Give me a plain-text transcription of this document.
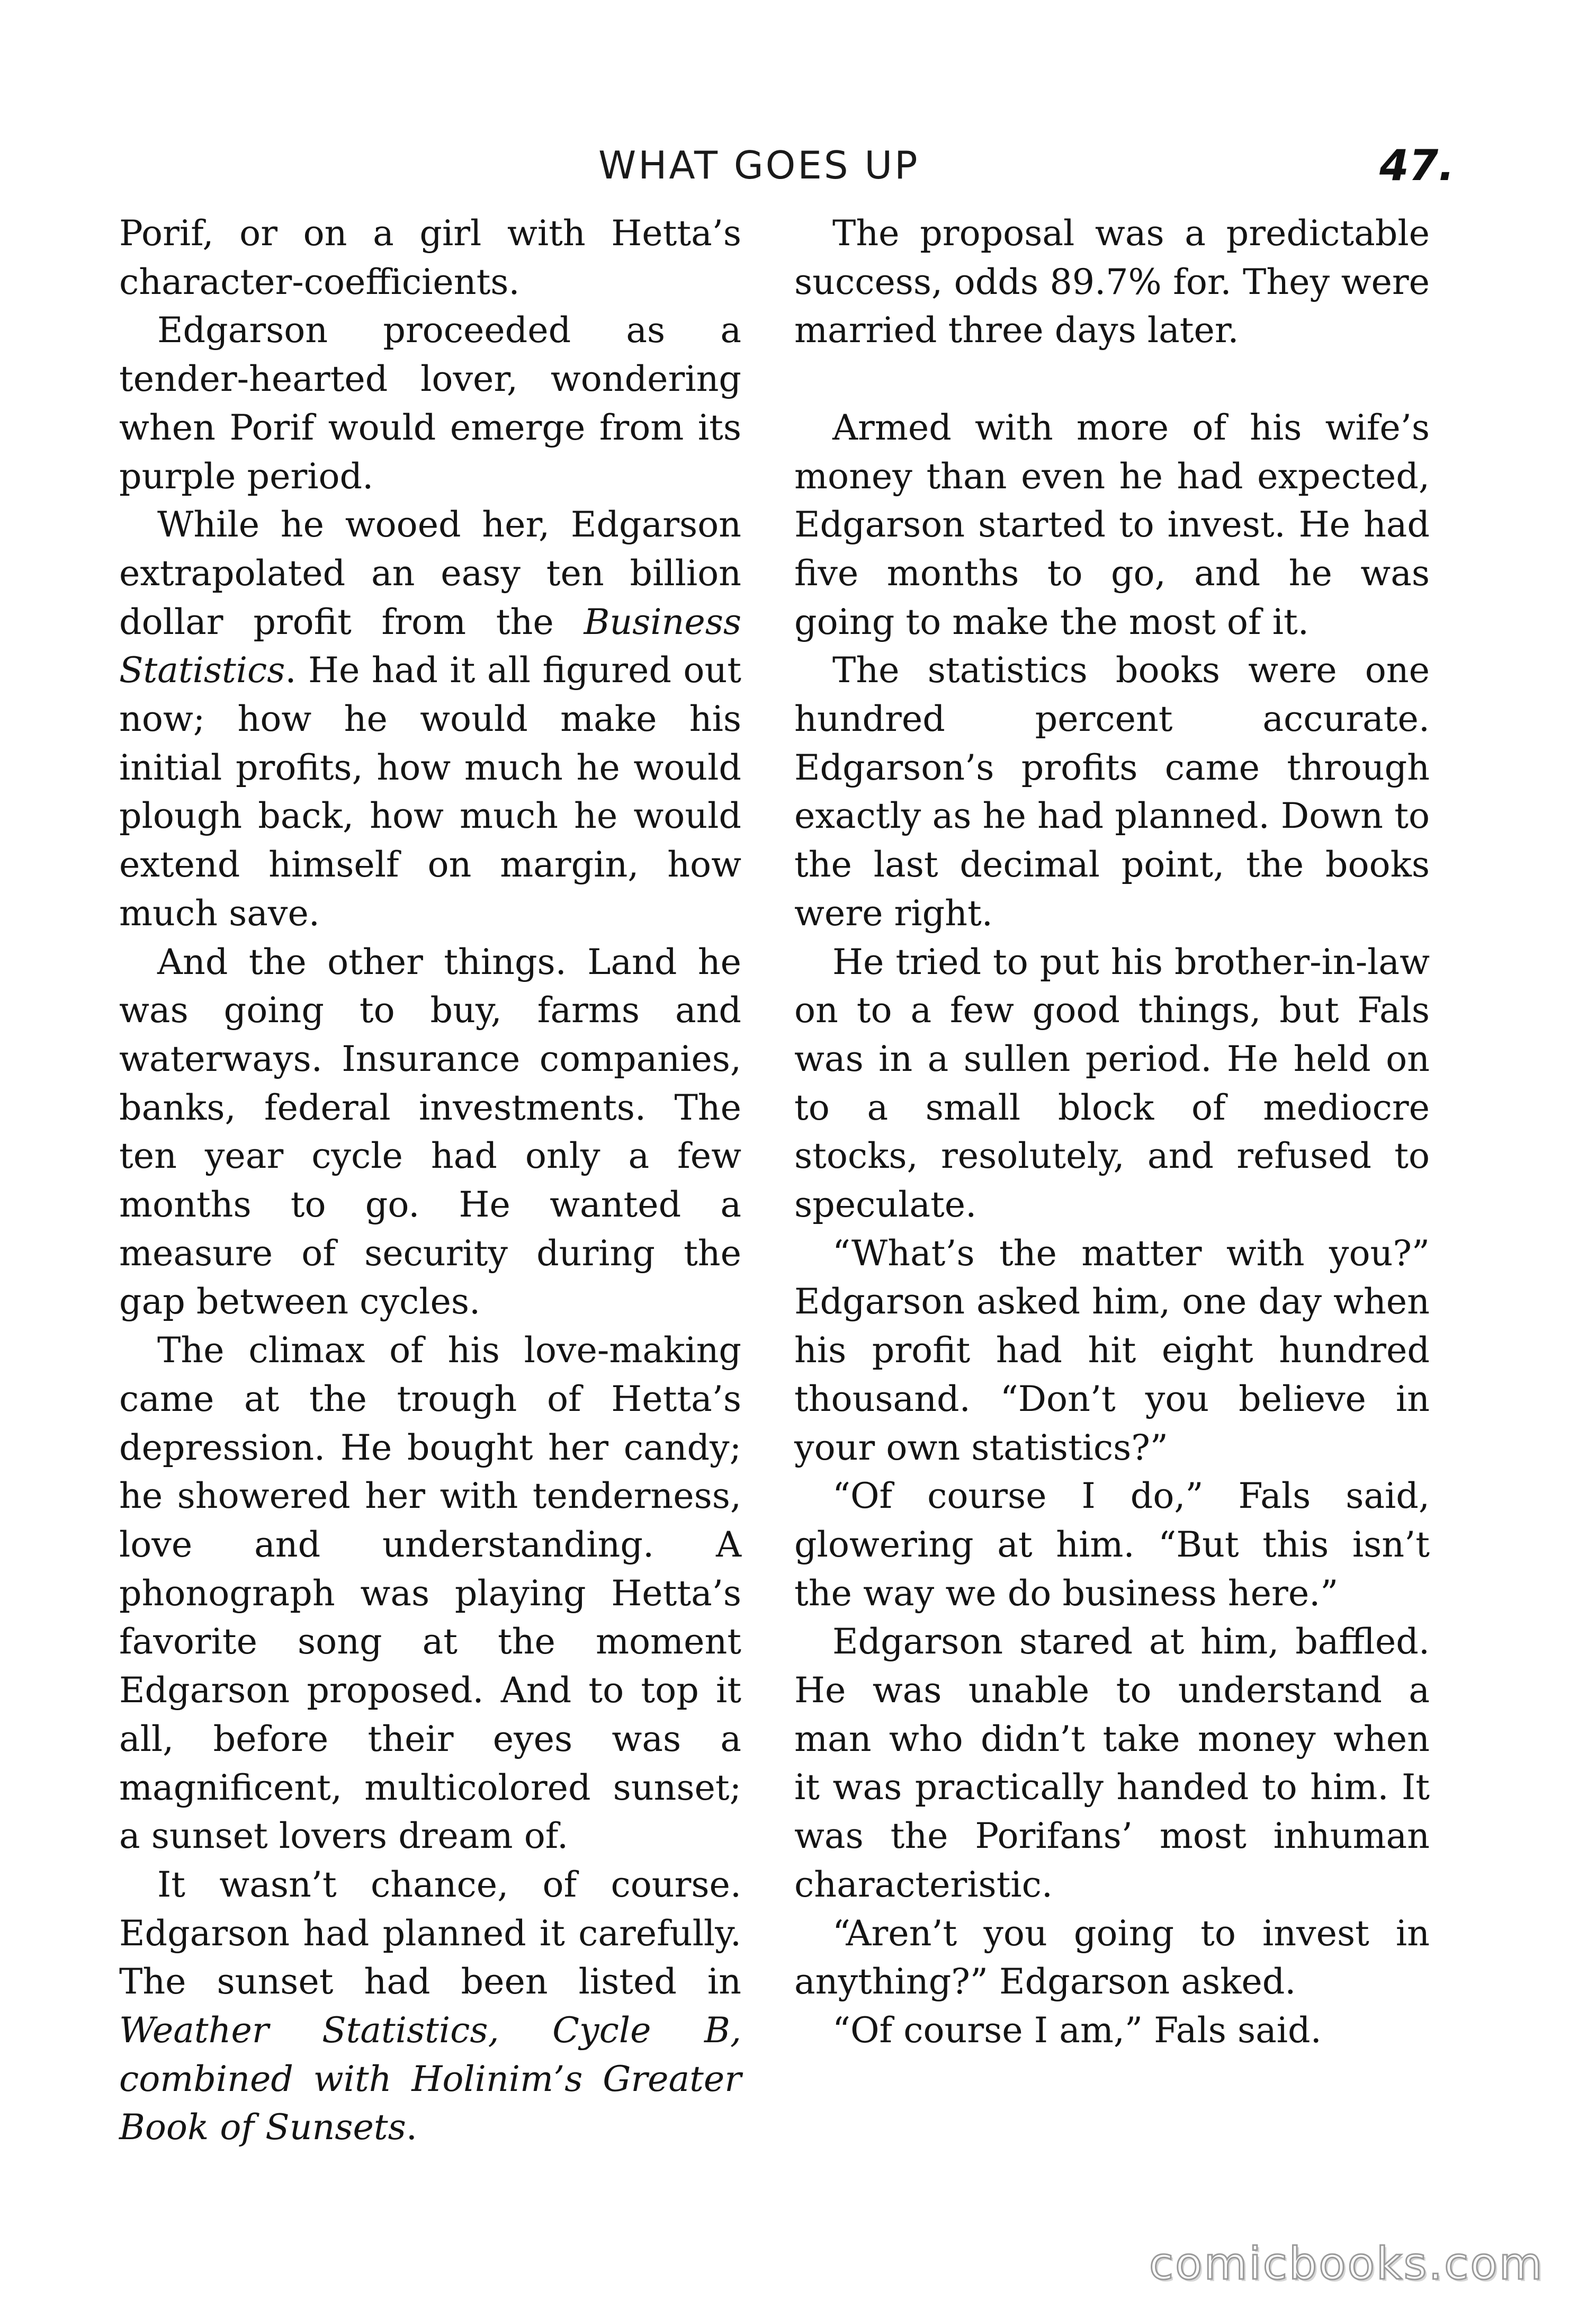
WHAT GOES UP	47.

Porif, or on a girl with Hetta’s character-coefficients.

Edgarson proceeded as a tender-hearted lover, wondering when Porif would emerge from its purple period.

While he wooed her, Edgarson extrapolated an easy ten billion dollar profit from the Business Statistics. He had it all figured out now; how he would make his initial profits, how much he would plough back, how much he would extend himself on margin, how much save.

And the other things. Land he was going to buy, farms and waterways. Insurance companies, banks, federal investments. The ten year cycle had only a few months to go. He wanted a measure of security during the gap between cycles.

The climax of his love-making came at the trough of Hetta’s depression. He bought her candy; he showered her with tenderness, love and understanding. A phonograph was playing Hetta’s favorite song at the moment Edgarson proposed. And to top it all, before their eyes was a magnificent, multicolored sunset; a sunset lovers dream of.

It wasn’t chance, of course. Edgarson had planned it carefully. The sunset had been listed in Weather Statistics, Cycle B, combined with Holinim’s Greater Book of Sunsets.

The proposal was a predictable success, odds 89.7% for. They were married three days later.

Armed with more of his wife’s money than even he had expected, Edgarson started to invest. He had five months to go, and he was going to make the most of it.

The statistics books were one hundred percent accurate. Edgarson’s profits came through exactly as he had planned. Down to the last decimal point, the books were right.

He tried to put his brother-in-law on to a few good things, but Fals was in a sullen period. He held on to a small block of mediocre stocks, resolutely, and refused to speculate.

“What’s the matter with you?” Edgarson asked him, one day when his profit had hit eight hundred thousand. “Don’t you believe in your own statistics?”

“Of course I do,” Fals said, glowering at him. “But this isn’t the way we do business here.”

Edgarson stared at him, baffled. He was unable to understand a man who didn’t take money when it was practically handed to him. It was the Porifans’ most inhuman characteristic.

“Aren’t you going to invest in anything?” Edgarson asked.

“Of course I am,” Fals said.

comicbooks.com
